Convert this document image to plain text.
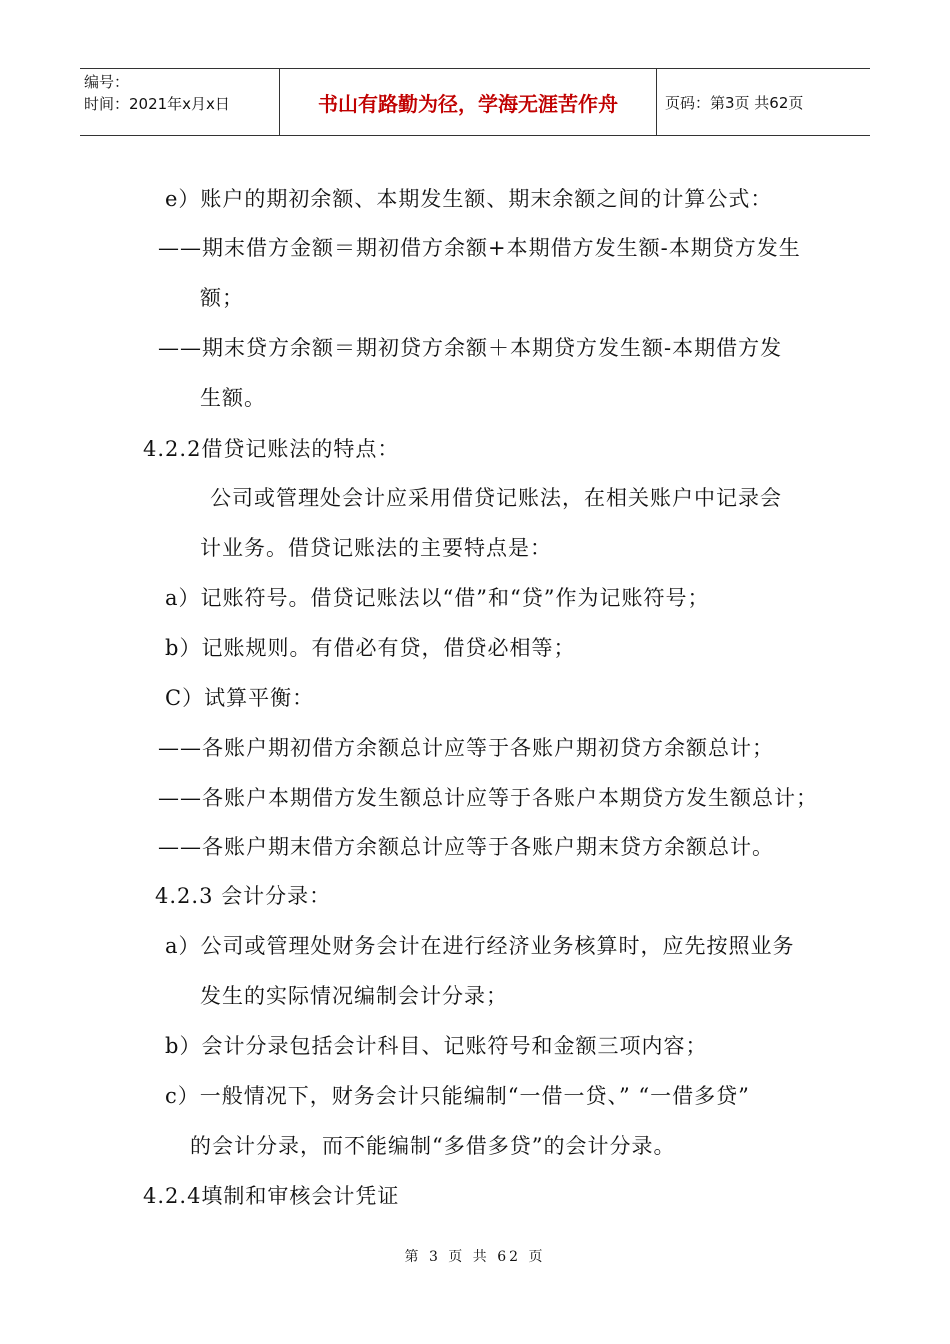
编号：
时间：2021年x月x日	书山有路勤为径，学海无涯苦作舟	页码：第3页 共62页
e）账户的期初余额、本期发生额、期末余额之间的计算公式：
——期末借方金额＝期初借方余额+本期借方发生额-本期贷方发生
额；
——期末贷方余额＝期初贷方余额＋本期贷方发生额-本期借方发
生额。
4.2.2借贷记账法的特点：
公司或管理处会计应采用借贷记账法，在相关账户中记录会
计业务。借贷记账法的主要特点是：
a）记账符号。借贷记账法以“借”和“贷”作为记账符号；
b）记账规则。有借必有贷，借贷必相等；
C）试算平衡：
——各账户期初借方余额总计应等于各账户期初贷方余额总计；
——各账户本期借方发生额总计应等于各账户本期贷方发生额总计；
——各账户期末借方余额总计应等于各账户期末贷方余额总计。
4.2.3 会计分录：
a）公司或管理处财务会计在进行经济业务核算时，应先按照业务
发生的实际情况编制会计分录；
b）会计分录包括会计科目、记账符号和金额三项内容；
c）一般情况下，财务会计只能编制“一借一贷、” “一借多贷”
的会计分录，而不能编制“多借多贷”的会计分录。
4.2.4填制和审核会计凭证
第 3 页 共 62 页
